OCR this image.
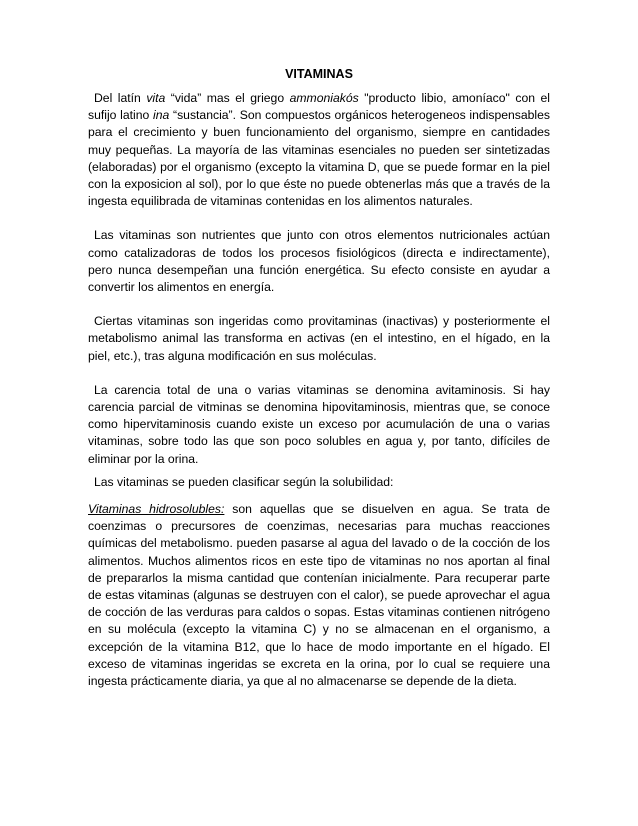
VITAMINAS

Del latín vita “vida” mas el griego ammoniakós "producto libio, amoníaco" con el sufijo latino ina “sustancia”. Son compuestos orgánicos heterogeneos indispensables para el crecimiento y buen funcionamiento del organismo, siempre en cantidades muy pequeñas. La mayoría de las vitaminas esenciales no pueden ser sintetizadas (elaboradas) por el organismo (excepto la vitamina D, que se puede formar en la piel con la exposicion al sol), por lo que éste no puede obtenerlas más que a través de la ingesta equilibrada de vitaminas contenidas en los alimentos naturales.

Las vitaminas son nutrientes que junto con otros elementos nutricionales actúan como catalizadoras de todos los procesos fisiológicos (directa e indirectamente), pero nunca desempeñan una función energética. Su efecto consiste en ayudar a convertir los alimentos en energía.

Ciertas vitaminas son ingeridas como provitaminas (inactivas) y posteriormente el metabolismo animal las transforma en activas (en el intestino, en el hígado, en la piel, etc.), tras alguna modificación en sus moléculas.

La carencia total de una o varias vitaminas se denomina avitaminosis. Si hay carencia parcial de vitminas se denomina hipovitaminosis, mientras que, se conoce como hipervitaminosis cuando existe un exceso por acumulación de una o varias vitaminas, sobre todo las que son poco solubles en agua y, por tanto, difíciles de eliminar por la orina.

Las vitaminas se pueden clasificar según la solubilidad:

Vitaminas hidrosolubles: son aquellas que se disuelven en agua. Se trata de coenzimas o precursores de coenzimas, necesarias para muchas reacciones químicas del metabolismo. pueden pasarse al agua del lavado o de la cocción de los alimentos. Muchos alimentos ricos en este tipo de vitaminas no nos aportan al final de prepararlos la misma cantidad que contenían inicialmente. Para recuperar parte de estas vitaminas (algunas se destruyen con el calor), se puede aprovechar el agua de cocción de las verduras para caldos o sopas. Estas vitaminas contienen nitrógeno en su molécula (excepto la vitamina C) y no se almacenan en el organismo, a excepción de la vitamina B12, que lo hace de modo importante en el hígado. El exceso de vitaminas ingeridas se excreta en la orina, por lo cual se requiere una ingesta prácticamente diaria, ya que al no almacenarse se depende de la dieta.
